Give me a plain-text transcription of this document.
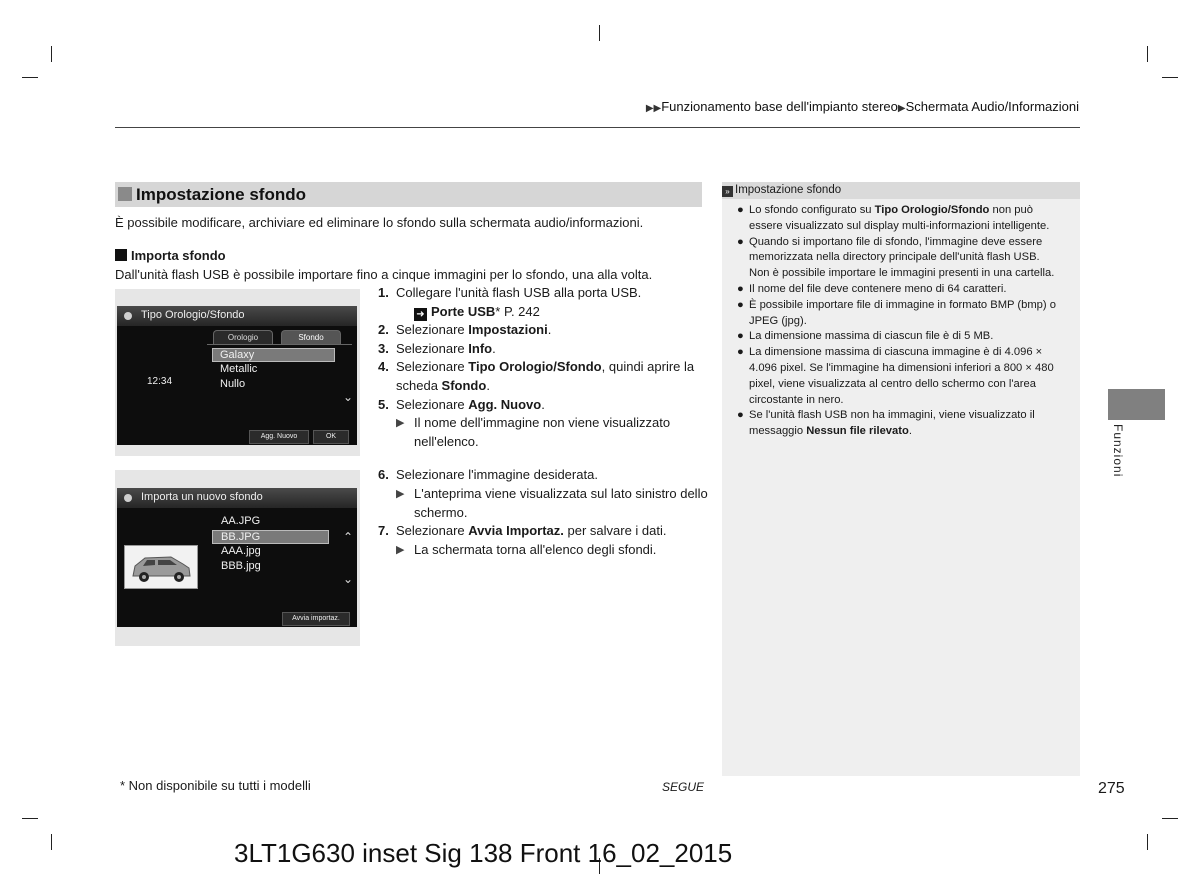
▶▶Funzionamento base dell'impianto stereo▶Schermata Audio/Informazioni
Impostazione sfondo
È possibile modificare, archiviare ed eliminare lo sfondo sulla schermata audio/informazioni.
Importa sfondo
Dall'unità flash USB è possibile importare fino a cinque immagini per lo sfondo, una alla volta.
Tipo Orologio/Sfondo
Orologio	Sfondo
Galaxy
Metallic
Nullo
12:34
⌄
Agg. Nuovo	OK
Importa un nuovo sfondo
AA.JPG
BB.JPG
AAA.jpg
BBB.jpg
⌃
⌄
Avvia importaz.
1. Collegare l'unità flash USB alla porta USB.
➜ Porte USB* P. 242
2. Selezionare Impostazioni.
3. Selezionare Info.
4. Selezionare Tipo Orologio/Sfondo, quindi aprire la scheda Sfondo.
5. Selezionare Agg. Nuovo.
▶ Il nome dell'immagine non viene visualizzato nell'elenco.
6. Selezionare l'immagine desiderata.
▶ L'anteprima viene visualizzata sul lato sinistro dello schermo.
7. Selezionare Avvia Importaz. per salvare i dati.
▶ La schermata torna all'elenco degli sfondi.
» Impostazione sfondo
● Lo sfondo configurato su Tipo Orologio/Sfondo non può essere visualizzato sul display multi-informazioni intelligente.
● Quando si importano file di sfondo, l'immagine deve essere memorizzata nella directory principale dell'unità flash USB.
Non è possibile importare le immagini presenti in una cartella.
● Il nome del file deve contenere meno di 64 caratteri.
● È possibile importare file di immagine in formato BMP (bmp) o JPEG (jpg).
● La dimensione massima di ciascun file è di 5 MB.
● La dimensione massima di ciascuna immagine è di 4.096 × 4.096 pixel. Se l'immagine ha dimensioni inferiori a 800 × 480 pixel, viene visualizzata al centro dello schermo con l'area circostante in nero.
● Se l'unità flash USB non ha immagini, viene visualizzato il messaggio Nessun file rilevato.	Funzioni
* Non disponibile su tutti i modelli	SEGUE	275
3LT1G630 inset Sig 138 Front 16_02_2015
